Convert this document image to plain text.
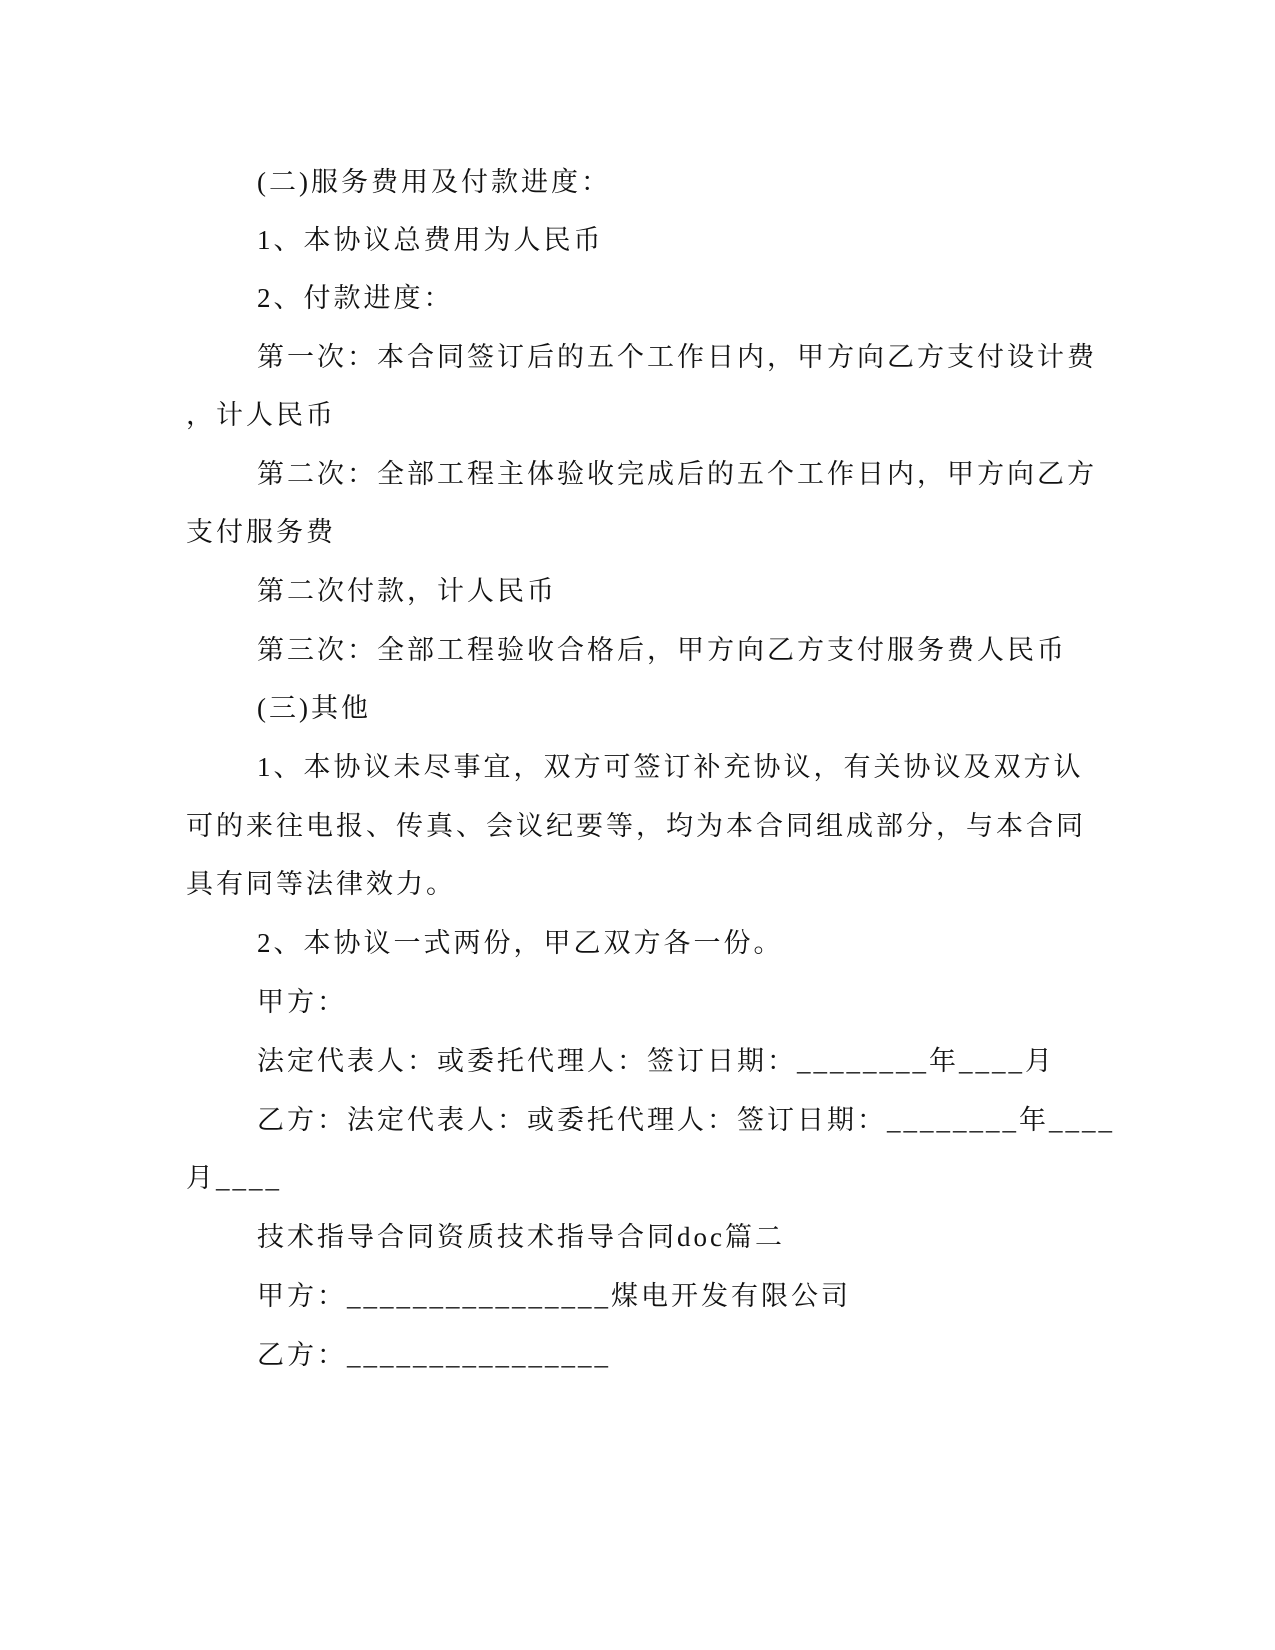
(二)服务费用及付款进度：
1、本协议总费用为人民币
2、付款进度：
第一次：本合同签订后的五个工作日内，甲方向乙方支付设计费
，计人民币
第二次：全部工程主体验收完成后的五个工作日内，甲方向乙方
支付服务费
第二次付款，计人民币
第三次：全部工程验收合格后，甲方向乙方支付服务费人民币
(三)其他
1、本协议未尽事宜，双方可签订补充协议，有关协议及双方认
可的来往电报、传真、会议纪要等，均为本合同组成部分，与本合同
具有同等法律效力。
2、本协议一式两份，甲乙双方各一份。
甲方：
法定代表人：或委托代理人：签订日期：________年____月
乙方：法定代表人：或委托代理人：签订日期：________年____
月____
技术指导合同资质技术指导合同doc篇二
甲方：________________煤电开发有限公司
乙方：________________
